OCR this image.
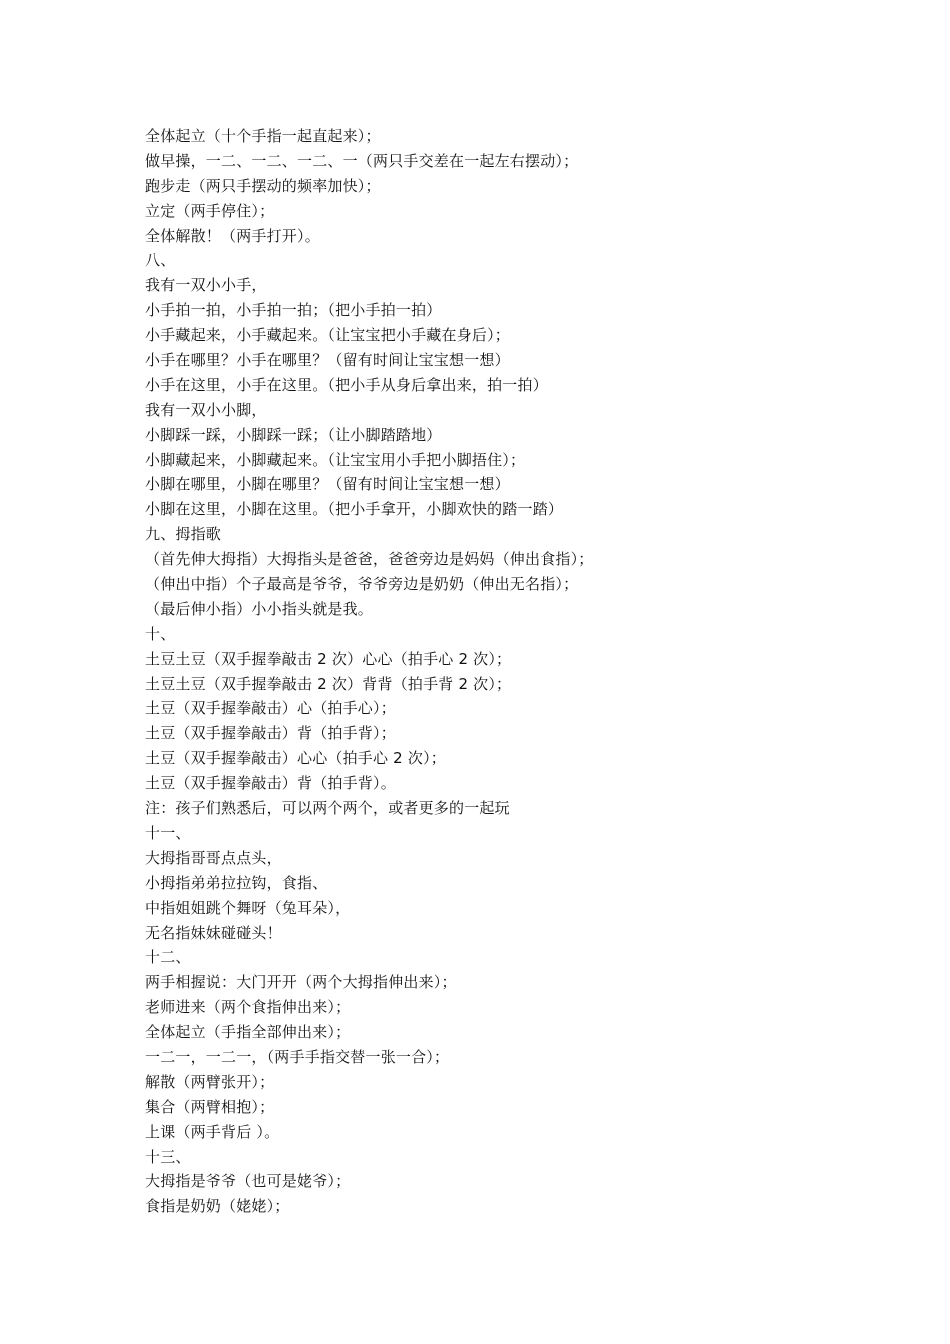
全体起立（十个手指一起直起来）；
做早操，一二、一二、一二、一（两只手交差在一起左右摆动）；
跑步走（两只手摆动的频率加快）；
立定（两手停住）；
全体解散！（两手打开）。
八、
我有一双小小手，
小手拍一拍，小手拍一拍；（把小手拍一拍）
小手藏起来，小手藏起来。（让宝宝把小手藏在身后）；
小手在哪里？小手在哪里？（留有时间让宝宝想一想）
小手在这里，小手在这里。（把小手从身后拿出来，拍一拍）
我有一双小小脚，
小脚踩一踩，小脚踩一踩；（让小脚踏踏地）
小脚藏起来，小脚藏起来。（让宝宝用小手把小脚捂住）；
小脚在哪里，小脚在哪里？（留有时间让宝宝想一想）
小脚在这里，小脚在这里。（把小手拿开，小脚欢快的踏一踏）
九、拇指歌
（首先伸大拇指）大拇指头是爸爸，爸爸旁边是妈妈（伸出食指）；
（伸出中指）个子最高是爷爷，爷爷旁边是奶奶（伸出无名指）；
（最后伸小指）小小指头就是我。
十、
土豆土豆（双手握拳敲击 2 次）心心（拍手心 2 次）；
土豆土豆（双手握拳敲击 2 次）背背（拍手背 2 次）；
土豆（双手握拳敲击）心（拍手心）；
土豆（双手握拳敲击）背（拍手背）；
土豆（双手握拳敲击）心心（拍手心 2 次）；
土豆（双手握拳敲击）背（拍手背）。
注：孩子们熟悉后，可以两个两个，或者更多的一起玩
十一、
大拇指哥哥点点头，
小拇指弟弟拉拉钩，食指、
中指姐姐跳个舞呀（兔耳朵），
无名指妹妹碰碰头！
十二、
两手相握说：大门开开（两个大拇指伸出来）；
老师进来（两个食指伸出来）；
全体起立（手指全部伸出来）；
一二一，一二一，（两手手指交替一张一合）；
解散（两臂张开）；
集合（两臂相抱）；
上课（两手背后 ）。
十三、
大拇指是爷爷（也可是姥爷）；
食指是奶奶（姥姥）；
